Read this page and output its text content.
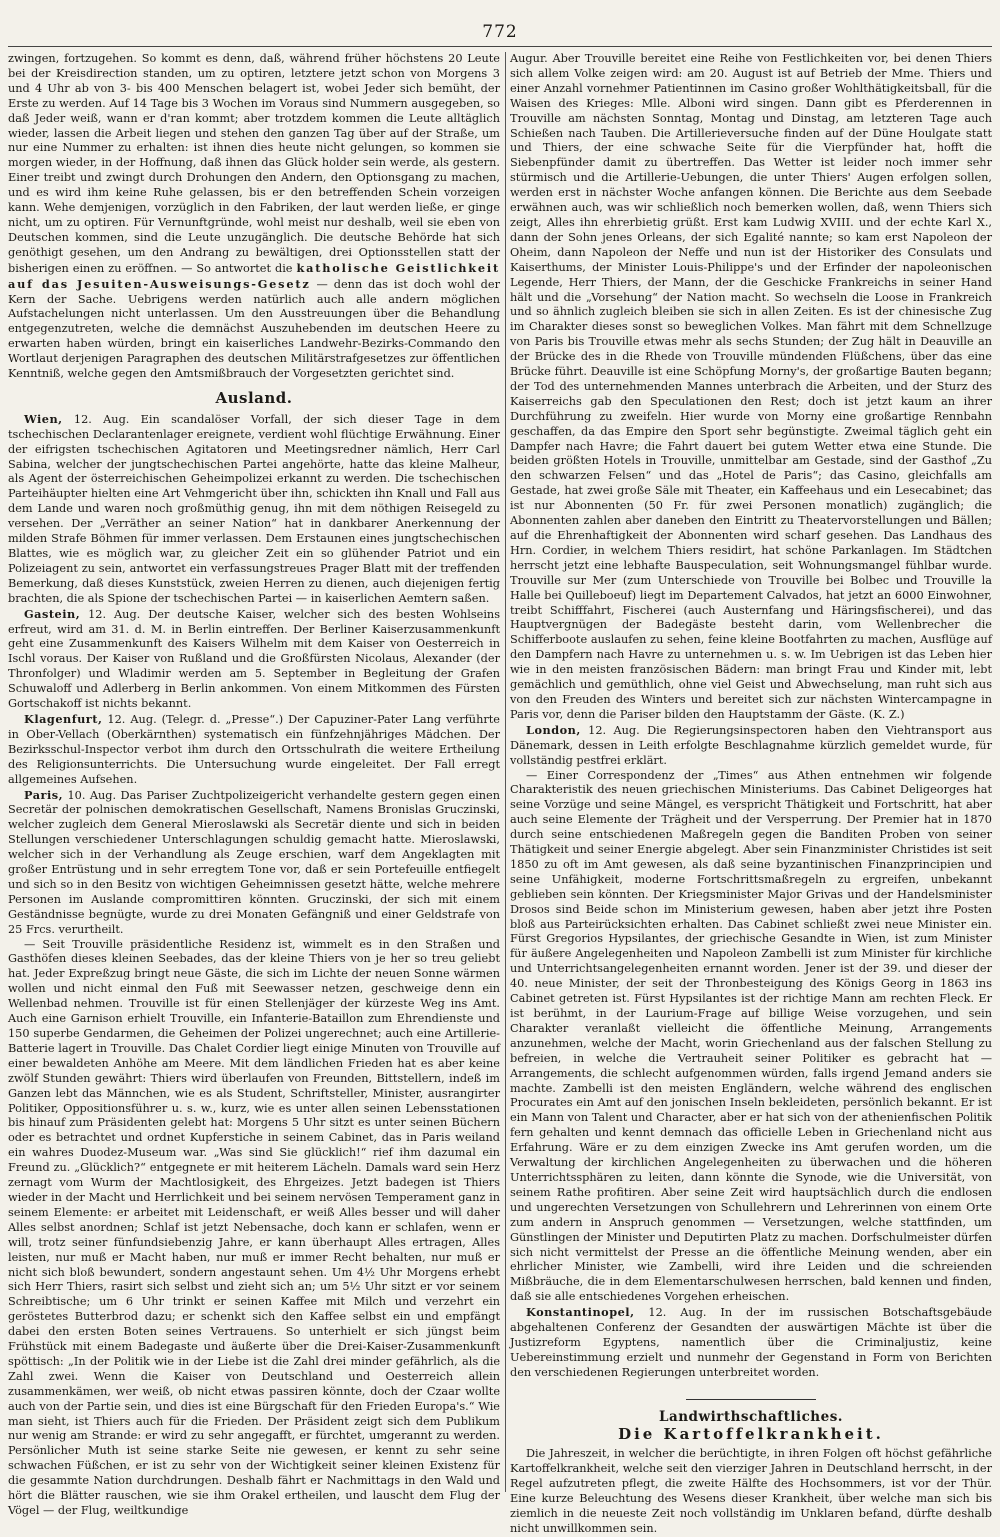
772

zwingen, fortzugehen. So kommt es denn, daß, während früher höchstens 20 Leute bei der Kreisdirection standen, um zu optiren, letztere jetzt schon von Morgens 3 und 4 Uhr ab von 3- bis 400 Menschen belagert ist, wobei Jeder sich bemüht, der Erste zu werden. Auf 14 Tage bis 3 Wochen im Voraus sind Nummern ausgegeben, so daß Jeder weiß, wann er d'ran kommt; aber trotzdem kommen die Leute alltäglich wieder, lassen die Arbeit liegen und stehen den ganzen Tag über auf der Straße, um nur eine Nummer zu erhalten: ist ihnen dies heute nicht gelungen, so kommen sie morgen wieder, in der Hoffnung, daß ihnen das Glück holder sein werde, als gestern. Einer treibt und zwingt durch Drohungen den Andern, den Optionsgang zu machen, und es wird ihm keine Ruhe gelassen, bis er den betreffenden Schein vorzeigen kann. Wehe demjenigen, vorzüglich in den Fabriken, der laut werden ließe, er ginge nicht, um zu optiren. Für Vernunftgründe, wohl meist nur deshalb, weil sie eben von Deutschen kommen, sind die Leute unzugänglich. Die deutsche Behörde hat sich genöthigt gesehen, um den Andrang zu bewältigen, drei Optionsstellen statt der bisherigen einen zu eröffnen. — So antwortet die katholische Geistlichkeit auf das Jesuiten-Ausweisungs-Gesetz — denn das ist doch wohl der Kern der Sache. Uebrigens werden natürlich auch alle andern möglichen Aufstachelungen nicht unterlassen. Um den Ausstreuungen über die Behandlung entgegenzutreten, welche die demnächst Auszuhebenden im deutschen Heere zu erwarten haben würden, bringt ein kaiserliches Landwehr-Bezirks-Commando den Wortlaut derjenigen Paragraphen des deutschen Militärstrafgesetzes zur öffentlichen Kenntniß, welche gegen den Amtsmißbrauch der Vorgesetzten gerichtet sind.

Ausland.

Wien, 12. Aug. Ein scandalöser Vorfall, der sich dieser Tage in dem tschechischen Declarantenlager ereignete, verdient wohl flüchtige Erwähnung. Einer der eifrigsten tschechischen Agitatoren und Meetingsredner nämlich, Herr Carl Sabina, welcher der jungtschechischen Partei angehörte, hatte das kleine Malheur, als Agent der österreichischen Geheimpolizei erkannt zu werden. Die tschechischen Parteihäupter hielten eine Art Vehmgericht über ihn, schickten ihn Knall und Fall aus dem Lande und waren noch großmüthig genug, ihn mit dem nöthigen Reisegeld zu versehen. Der „Verräther an seiner Nation“ hat in dankbarer Anerkennung der milden Strafe Böhmen für immer verlassen. Dem Erstaunen eines jungtschechischen Blattes, wie es möglich war, zu gleicher Zeit ein so glühender Patriot und ein Polizeiagent zu sein, antwortet ein verfassungstreues Prager Blatt mit der treffenden Bemerkung, daß dieses Kunststück, zweien Herren zu dienen, auch diejenigen fertig brachten, die als Spione der tschechischen Partei — in kaiserlichen Aemtern saßen.

Gastein, 12. Aug. Der deutsche Kaiser, welcher sich des besten Wohlseins erfreut, wird am 31. d. M. in Berlin eintreffen. Der Berliner Kaiserzusammenkunft geht eine Zusammenkunft des Kaisers Wilhelm mit dem Kaiser von Oesterreich in Ischl voraus. Der Kaiser von Rußland und die Großfürsten Nicolaus, Alexander (der Thronfolger) und Wladimir werden am 5. September in Begleitung der Grafen Schuwaloff und Adlerberg in Berlin ankommen. Von einem Mitkommen des Fürsten Gortschakoff ist nichts bekannt.

Klagenfurt, 12. Aug. (Telegr. d. „Presse“.) Der Capuziner-Pater Lang verführte in Ober-Vellach (Oberkärnthen) systematisch ein fünfzehnjähriges Mädchen. Der Bezirksschul-Inspector verbot ihm durch den Ortsschulrath die weitere Ertheilung des Religionsunterrichts. Die Untersuchung wurde eingeleitet. Der Fall erregt allgemeines Aufsehen.

Paris, 10. Aug. Das Pariser Zuchtpolizeigericht verhandelte gestern gegen einen Secretär der polnischen demokratischen Gesellschaft, Namens Bronislas Gruczinski, welcher zugleich dem General Mieroslawski als Secretär diente und sich in beiden Stellungen verschiedener Unterschlagungen schuldig gemacht hatte. Mieroslawski, welcher sich in der Verhandlung als Zeuge erschien, warf dem Angeklagten mit großer Entrüstung und in sehr erregtem Tone vor, daß er sein Portefeuille entfiegelt und sich so in den Besitz von wichtigen Geheimnissen gesetzt hätte, welche mehrere Personen im Auslande compromittiren könnten. Gruczinski, der sich mit einem Geständnisse begnügte, wurde zu drei Monaten Gefängniß und einer Geldstrafe von 25 Frcs. verurtheilt.

— Seit Trouville präsidentliche Residenz ist, wimmelt es in den Straßen und Gasthöfen dieses kleinen Seebades, das der kleine Thiers von je her so treu geliebt hat. Jeder Expreßzug bringt neue Gäste, die sich im Lichte der neuen Sonne wärmen wollen und nicht einmal den Fuß mit Seewasser netzen, geschweige denn ein Wellenbad nehmen. Trouville ist für einen Stellenjäger der kürzeste Weg ins Amt. Auch eine Garnison erhielt Trouville, ein Infanterie-Bataillon zum Ehrendienste und 150 superbe Gendarmen, die Geheimen der Polizei ungerechnet; auch eine Artillerie-Batterie lagert in Trouville. Das Chalet Cordier liegt einige Minuten von Trouville auf einer bewaldeten Anhöhe am Meere. Mit dem ländlichen Frieden hat es aber keine zwölf Stunden gewährt: Thiers wird überlaufen von Freunden, Bittstellern, indeß im Ganzen lebt das Männchen, wie es als Student, Schriftsteller, Minister, ausrangirter Politiker, Oppositionsführer u. s. w., kurz, wie es unter allen seinen Lebensstationen bis hinauf zum Präsidenten gelebt hat: Morgens 5 Uhr sitzt es unter seinen Büchern oder es betrachtet und ordnet Kupferstiche in seinem Cabinet, das in Paris weiland ein wahres Duodez-Museum war. „Was sind Sie glücklich!“ rief ihm dazumal ein Freund zu. „Glücklich?“ entgegnete er mit heiterem Lächeln. Damals ward sein Herz zernagt vom Wurm der Machtlosigkeit, des Ehrgeizes. Jetzt badegen ist Thiers wieder in der Macht und Herrlichkeit und bei seinem nervösen Temperament ganz in seinem Elemente: er arbeitet mit Leidenschaft, er weiß Alles besser und will daher Alles selbst anordnen; Schlaf ist jetzt Nebensache, doch kann er schlafen, wenn er will, trotz seiner fünfundsiebenzig Jahre, er kann überhaupt Alles ertragen, Alles leisten, nur muß er Macht haben, nur muß er immer Recht behalten, nur muß er nicht sich bloß bewundert, sondern angestaunt sehen. Um 4½ Uhr Morgens erhebt sich Herr Thiers, rasirt sich selbst und zieht sich an; um 5½ Uhr sitzt er vor seinem Schreibtische; um 6 Uhr trinkt er seinen Kaffee mit Milch und verzehrt ein geröstetes Butterbrod dazu; er schenkt sich den Kaffee selbst ein und empfängt dabei den ersten Boten seines Vertrauens. So unterhielt er sich jüngst beim Frühstück mit einem Badegaste und äußerte über die Drei-Kaiser-Zusammenkunft spöttisch: „In der Politik wie in der Liebe ist die Zahl drei minder gefährlich, als die Zahl zwei. Wenn die Kaiser von Deutschland und Oesterreich allein zusammenkämen, wer weiß, ob nicht etwas passiren könnte, doch der Czaar wollte auch von der Partie sein, und dies ist eine Bürgschaft für den Frieden Europa's.“ Wie man sieht, ist Thiers auch für die Frieden. Der Präsident zeigt sich dem Publikum nur wenig am Strande: er wird zu sehr angegafft, er fürchtet, umgerannt zu werden. Persönlicher Muth ist seine starke Seite nie gewesen, er kennt zu sehr seine schwachen Füßchen, er ist zu sehr von der Wichtigkeit seiner kleinen Existenz für die gesammte Nation durchdrungen. Deshalb fährt er Nachmittags in den Wald und hört die Blätter rauschen, wie sie ihm Orakel ertheilen, und lauscht dem Flug der Vögel — der Flug, weiltkundige

Augur. Aber Trouville bereitet eine Reihe von Festlichkeiten vor, bei denen Thiers sich allem Volke zeigen wird: am 20. August ist auf Betrieb der Mme. Thiers und einer Anzahl vornehmer Patientinnen im Casino großer Wohlthätigkeitsball, für die Waisen des Krieges: Mlle. Alboni wird singen. Dann gibt es Pferderennen in Trouville am nächsten Sonntag, Montag und Dinstag, am letzteren Tage auch Schießen nach Tauben. Die Artillerieversuche finden auf der Düne Houlgate statt und Thiers, der eine schwache Seite für die Vierpfünder hat, hofft die Siebenpfünder damit zu übertreffen. Das Wetter ist leider noch immer sehr stürmisch und die Artillerie-Uebungen, die unter Thiers' Augen erfolgen sollen, werden erst in nächster Woche anfangen können. Die Berichte aus dem Seebade erwähnen auch, was wir schließlich noch bemerken wollen, daß, wenn Thiers sich zeigt, Alles ihn ehrerbietig grüßt. Erst kam Ludwig XVIII. und der echte Karl X., dann der Sohn jenes Orleans, der sich Egalité nannte; so kam erst Napoleon der Oheim, dann Napoleon der Neffe und nun ist der Historiker des Consulats und Kaiserthums, der Minister Louis-Philippe's und der Erfinder der napoleonischen Legende, Herr Thiers, der Mann, der die Geschicke Frankreichs in seiner Hand hält und die „Vorsehung“ der Nation macht. So wechseln die Loose in Frankreich und so ähnlich zugleich bleiben sie sich in allen Zeiten. Es ist der chinesische Zug im Charakter dieses sonst so beweglichen Volkes. Man fährt mit dem Schnellzuge von Paris bis Trouville etwas mehr als sechs Stunden; der Zug hält in Deauville an der Brücke des in die Rhede von Trouville mündenden Flüßchens, über das eine Brücke führt. Deauville ist eine Schöpfung Morny's, der großartige Bauten begann; der Tod des unternehmenden Mannes unterbrach die Arbeiten, und der Sturz des Kaiserreichs gab den Speculationen den Rest; doch ist jetzt kaum an ihrer Durchführung zu zweifeln. Hier wurde von Morny eine großartige Rennbahn geschaffen, da das Empire den Sport sehr begünstigte. Zweimal täglich geht ein Dampfer nach Havre; die Fahrt dauert bei gutem Wetter etwa eine Stunde. Die beiden größten Hotels in Trouville, unmittelbar am Gestade, sind der Gasthof „Zu den schwarzen Felsen“ und das „Hotel de Paris“; das Casino, gleichfalls am Gestade, hat zwei große Säle mit Theater, ein Kaffeehaus und ein Lesecabinet; das ist nur Abonnenten (50 Fr. für zwei Personen monatlich) zugänglich; die Abonnenten zahlen aber daneben den Eintritt zu Theatervorstellungen und Bällen; auf die Ehrenhaftigkeit der Abonnenten wird scharf gesehen. Das Landhaus des Hrn. Cordier, in welchem Thiers residirt, hat schöne Parkanlagen. Im Städtchen herrscht jetzt eine lebhafte Bauspeculation, seit Wohnungsmangel fühlbar wurde. Trouville sur Mer (zum Unterschiede von Trouville bei Bolbec und Trouville la Halle bei Quilleboeuf) liegt im Departement Calvados, hat jetzt an 6000 Einwohner, treibt Schifffahrt, Fischerei (auch Austernfang und Häringsfischerei), und das Hauptvergnügen der Badegäste besteht darin, vom Wellenbrecher die Schifferboote auslaufen zu sehen, feine kleine Bootfahrten zu machen, Ausflüge auf den Dampfern nach Havre zu unternehmen u. s. w. Im Uebrigen ist das Leben hier wie in den meisten französischen Bädern: man bringt Frau und Kinder mit, lebt gemächlich und gemüthlich, ohne viel Geist und Abwechselung, man ruht sich aus von den Freuden des Winters und bereitet sich zur nächsten Wintercampagne in Paris vor, denn die Pariser bilden den Hauptstamm der Gäste. (K. Z.)

London, 12. Aug. Die Regierungsinspectoren haben den Viehtransport aus Dänemark, dessen in Leith erfolgte Beschlagnahme kürzlich gemeldet wurde, für vollständig pestfrei erklärt.

— Einer Correspondenz der „Times“ aus Athen entnehmen wir folgende Charakteristik des neuen griechischen Ministeriums. Das Cabinet Deligeorges hat seine Vorzüge und seine Mängel, es verspricht Thätigkeit und Fortschritt, hat aber auch seine Elemente der Trägheit und der Versperrung. Der Premier hat in 1870 durch seine entschiedenen Maßregeln gegen die Banditen Proben von seiner Thätigkeit und seiner Energie abgelegt. Aber sein Finanzminister Christides ist seit 1850 zu oft im Amt gewesen, als daß seine byzantinischen Finanzprincipien und seine Unfähigkeit, moderne Fortschrittsmaßregeln zu ergreifen, unbekannt geblieben sein könnten. Der Kriegsminister Major Grivas und der Handelsminister Drosos sind Beide schon im Ministerium gewesen, haben aber jetzt ihre Posten bloß aus Parteirücksichten erhalten. Das Cabinet schließt zwei neue Minister ein. Fürst Gregorios Hypsilantes, der griechische Gesandte in Wien, ist zum Minister für äußere Angelegenheiten und Napoleon Zambelli ist zum Minister für kirchliche und Unterrichtsangelegenheiten ernannt worden. Jener ist der 39. und dieser der 40. neue Minister, der seit der Thronbesteigung des Königs Georg in 1863 ins Cabinet getreten ist. Fürst Hypsilantes ist der richtige Mann am rechten Fleck. Er ist berühmt, in der Laurium-Frage auf billige Weise vorzugehen, und sein Charakter veranlaßt vielleicht die öffentliche Meinung, Arrangements anzunehmen, welche der Macht, worin Griechenland aus der falschen Stellung zu befreien, in welche die Vertrauheit seiner Politiker es gebracht hat — Arrangements, die schlecht aufgenommen würden, falls irgend Jemand anders sie machte. Zambelli ist den meisten Engländern, welche während des englischen Procurates ein Amt auf den jonischen Inseln bekleideten, persönlich bekannt. Er ist ein Mann von Talent und Character, aber er hat sich von der athenienfischen Politik fern gehalten und kennt demnach das officielle Leben in Griechenland nicht aus Erfahrung. Wäre er zu dem einzigen Zwecke ins Amt gerufen worden, um die Verwaltung der kirchlichen Angelegenheiten zu überwachen und die höheren Unterrichtssphären zu leiten, dann könnte die Synode, wie die Universität, von seinem Rathe profitiren. Aber seine Zeit wird hauptsächlich durch die endlosen und ungerechten Versetzungen von Schullehrern und Lehrerinnen von einem Orte zum andern in Anspruch genommen — Versetzungen, welche stattfinden, um Günstlingen der Minister und Deputirten Platz zu machen. Dorfschulmeister dürfen sich nicht vermittelst der Presse an die öffentliche Meinung wenden, aber ein ehrlicher Minister, wie Zambelli, wird ihre Leiden und die schreienden Mißbräuche, die in dem Elementarschulwesen herrschen, bald kennen und finden, daß sie alle entschiedenes Vorgehen erheischen.

Konstantinopel, 12. Aug. In der im russischen Botschaftsgebäude abgehaltenen Conferenz der Gesandten der auswärtigen Mächte ist über die Justizreform Egyptens, namentlich über die Criminaljustiz, keine Uebereinstimmung erzielt und nunmehr der Gegenstand in Form von Berichten den verschiedenen Regierungen unterbreitet worden.

Landwirthschaftliches.
Die Kartoffelkrankheit.

Die Jahreszeit, in welcher die berüchtigte, in ihren Folgen oft höchst gefährliche Kartoffelkrankheit, welche seit den vierziger Jahren in Deutschland herrscht, in der Regel aufzutreten pflegt, die zweite Hälfte des Hochsommers, ist vor der Thür. Eine kurze Beleuchtung des Wesens dieser Krankheit, über welche man sich bis ziemlich in die neueste Zeit noch vollständig im Unklaren befand, dürfte deshalb nicht unwillkommen sein.
